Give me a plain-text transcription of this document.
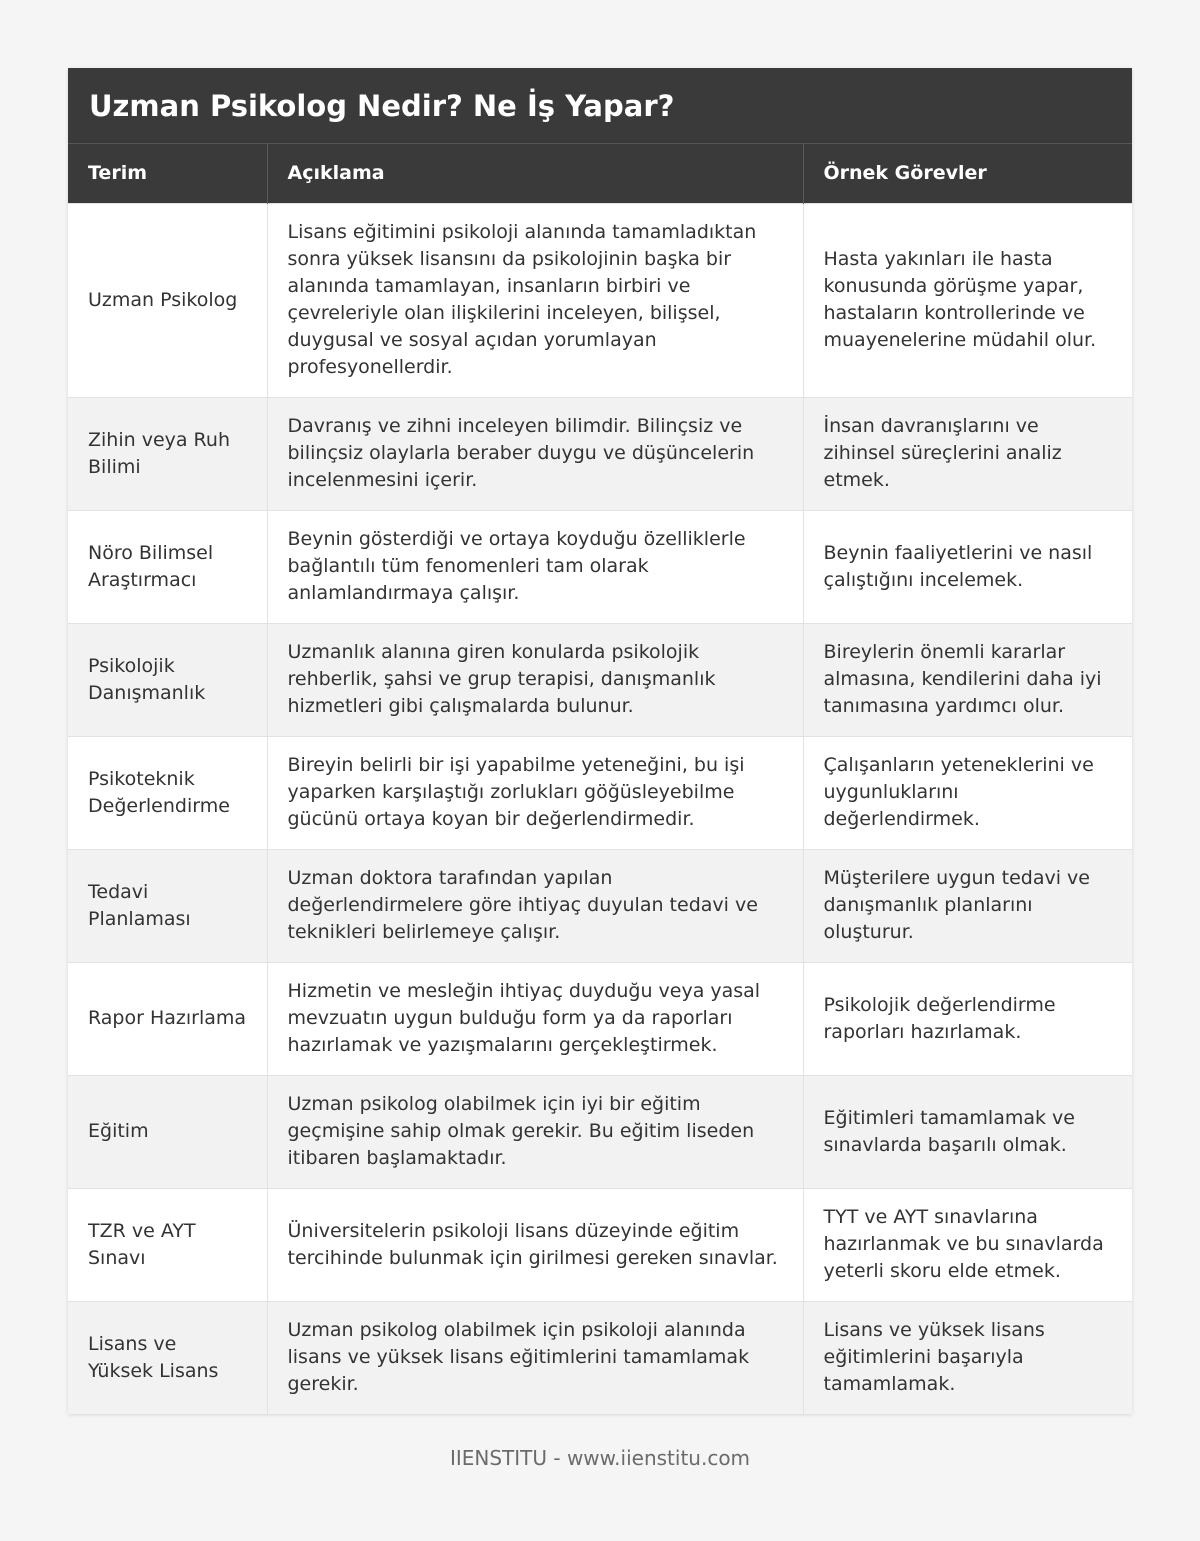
Uzman Psikolog Nedir? Ne İş Yapar?
Terim	Açıklama	Örnek Görevler
Uzman Psikolog	Lisans eğitimini psikoloji alanında tamamladıktan sonra yüksek lisansını da psikolojinin başka bir alanında tamamlayan, insanların birbiri ve çevreleriyle olan ilişkilerini inceleyen, bilişsel, duygusal ve sosyal açıdan yorumlayan profesyonellerdir.	Hasta yakınları ile hasta konusunda görüşme yapar, hastaların kontrollerinde ve muayenelerine müdahil olur.
Zihin veya Ruh Bilimi	Davranış ve zihni inceleyen bilimdir. Bilinçsiz ve bilinçsiz olaylarla beraber duygu ve düşüncelerin incelenmesini içerir.	İnsan davranışlarını ve zihinsel süreçlerini analiz etmek.
Nöro Bilimsel Araştırmacı	Beynin gösterdiği ve ortaya koyduğu özelliklerle bağlantılı tüm fenomenleri tam olarak anlamlandırmaya çalışır.	Beynin faaliyetlerini ve nasıl çalıştığını incelemek.
Psikolojik Danışmanlık	Uzmanlık alanına giren konularda psikolojik rehberlik, şahsi ve grup terapisi, danışmanlık hizmetleri gibi çalışmalarda bulunur.	Bireylerin önemli kararlar almasına, kendilerini daha iyi tanımasına yardımcı olur.
Psikoteknik Değerlendirme	Bireyin belirli bir işi yapabilme yeteneğini, bu işi yaparken karşılaştığı zorlukları göğüsleyebilme gücünü ortaya koyan bir değerlendirmedir.	Çalışanların yeteneklerini ve uygunluklarını değerlendirmek.
Tedavi Planlaması	Uzman doktora tarafından yapılan değerlendirmelere göre ihtiyaç duyulan tedavi ve teknikleri belirlemeye çalışır.	Müşterilere uygun tedavi ve danışmanlık planlarını oluşturur.
Rapor Hazırlama	Hizmetin ve mesleğin ihtiyaç duyduğu veya yasal mevzuatın uygun bulduğu form ya da raporları hazırlamak ve yazışmalarını gerçekleştirmek.	Psikolojik değerlendirme raporları hazırlamak.
Eğitim	Uzman psikolog olabilmek için iyi bir eğitim geçmişine sahip olmak gerekir. Bu eğitim liseden itibaren başlamaktadır.	Eğitimleri tamamlamak ve sınavlarda başarılı olmak.
TZR ve AYT Sınavı	Üniversitelerin psikoloji lisans düzeyinde eğitim tercihinde bulunmak için girilmesi gereken sınavlar.	TYT ve AYT sınavlarına hazırlanmak ve bu sınavlarda yeterli skoru elde etmek.
Lisans ve Yüksek Lisans	Uzman psikolog olabilmek için psikoloji alanında lisans ve yüksek lisans eğitimlerini tamamlamak gerekir.	Lisans ve yüksek lisans eğitimlerini başarıyla tamamlamak.
IIENSTITU - www.iienstitu.com
